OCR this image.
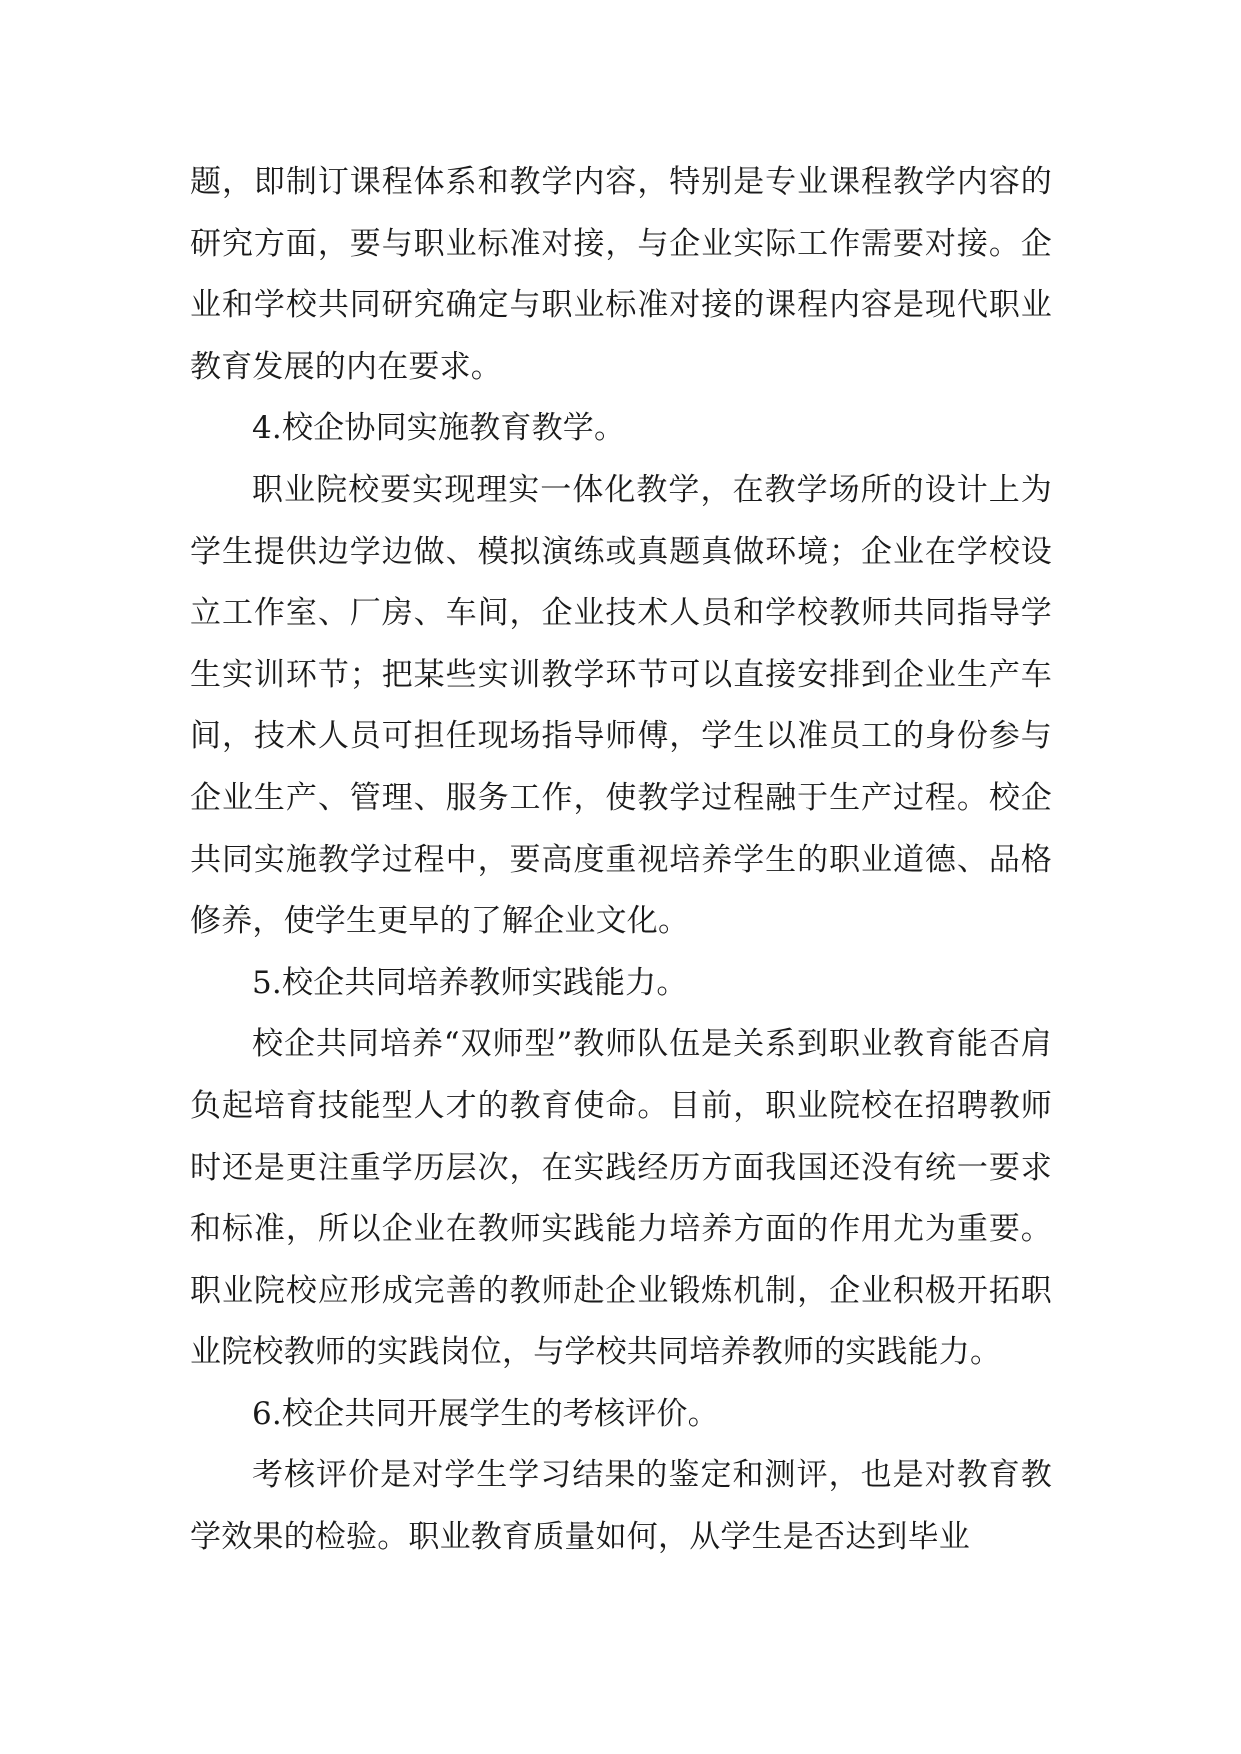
题，即制订课程体系和教学内容，特别是专业课程教学内容的研究方面，要与职业标准对接，与企业实际工作需要对接。企业和学校共同研究确定与职业标准对接的课程内容是现代职业教育发展的内在要求。

4.校企协同实施教育教学。

职业院校要实现理实一体化教学，在教学场所的设计上为学生提供边学边做、模拟演练或真题真做环境；企业在学校设立工作室、厂房、车间，企业技术人员和学校教师共同指导学生实训环节；把某些实训教学环节可以直接安排到企业生产车间，技术人员可担任现场指导师傅，学生以准员工的身份参与企业生产、管理、服务工作，使教学过程融于生产过程。校企共同实施教学过程中，要高度重视培养学生的职业道德、品格修养，使学生更早的了解企业文化。

5.校企共同培养教师实践能力。

校企共同培养“双师型”教师队伍是关系到职业教育能否肩负起培育技能型人才的教育使命。目前，职业院校在招聘教师时还是更注重学历层次，在实践经历方面我国还没有统一要求和标准，所以企业在教师实践能力培养方面的作用尤为重要。职业院校应形成完善的教师赴企业锻炼机制，企业积极开拓职业院校教师的实践岗位，与学校共同培养教师的实践能力。

6.校企共同开展学生的考核评价。

考核评价是对学生学习结果的鉴定和测评，也是对教育教学效果的检验。职业教育质量如何，从学生是否达到毕业
